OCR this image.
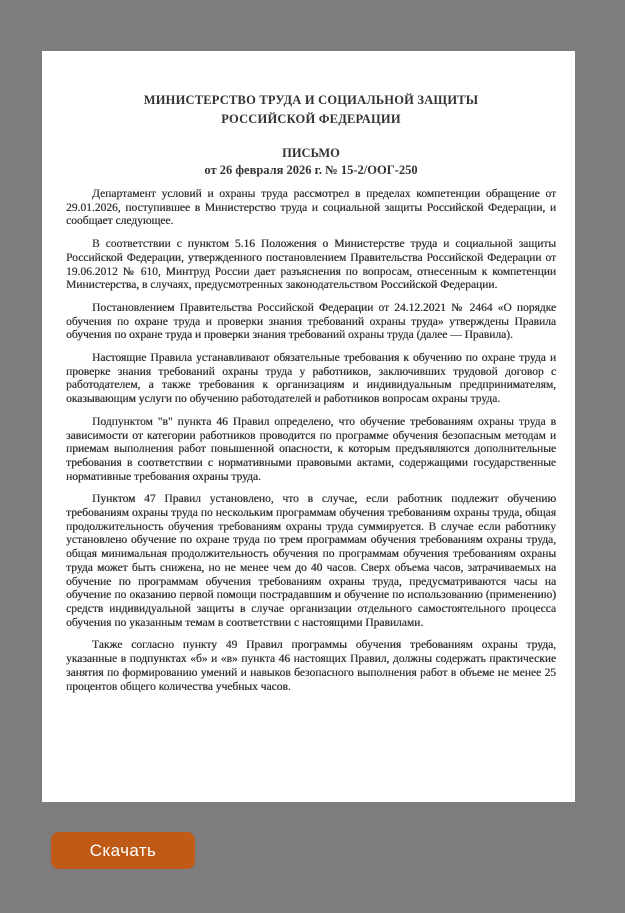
МИНИСТЕРСТВО ТРУДА И СОЦИАЛЬНОЙ ЗАЩИТЫ
РОССИЙСКОЙ ФЕДЕРАЦИИ
ПИСЬМО
от 26 февраля 2026 г. № 15-2/ООГ-250

Департамент условий и охраны труда рассмотрел в пределах компетенции обращение от 29.01.2026, поступившее в Министерство труда и социальной защиты Российской Федерации, и сообщает следующее.

В соответствии с пунктом 5.16 Положения о Министерстве труда и социальной защиты Российской Федерации, утвержденного постановлением Правительства Российской Федерации от 19.06.2012 № 610, Минтруд России дает разъяснения по вопросам, отнесенным к компетенции Министерства, в случаях, предусмотренных законодательством Российской Федерации.

Постановлением Правительства Российской Федерации от 24.12.2021 № 2464 «О порядке обучения по охране труда и проверки знания требований охраны труда» утверждены Правила обучения по охране труда и проверки знания требований охраны труда (далее — Правила).

Настоящие Правила устанавливают обязательные требования к обучению по охране труда и проверке знания требований охраны труда у работников, заключивших трудовой договор с работодателем, а также требования к организациям и индивидуальным предпринимателям, оказывающим услуги по обучению работодателей и работников вопросам охраны труда.

Подпунктом "в" пункта 46 Правил определено, что обучение требованиям охраны труда в зависимости от категории работников проводится по программе обучения безопасным методам и приемам выполнения работ повышенной опасности, к которым предъявляются дополнительные требования в соответствии с нормативными правовыми актами, содержащими государственные нормативные требования охраны труда.

Пунктом 47 Правил установлено, что в случае, если работник подлежит обучению требованиям охраны труда по нескольким программам обучения требованиям охраны труда, общая продолжительность обучения требованиям охраны труда суммируется. В случае если работнику установлено обучение по охране труда по трем программам обучения требованиям охраны труда, общая минимальная продолжительность обучения по программам обучения требованиям охраны труда может быть снижена, но не менее чем до 40 часов. Сверх объема часов, затрачиваемых на обучение по программам обучения требованиям охраны труда, предусматриваются часы на обучение по оказанию первой помощи пострадавшим и обучение по использованию (применению) средств индивидуальной защиты в случае организации отдельного самостоятельного процесса обучения по указанным темам в соответствии с настоящими Правилами.

Также согласно пункту 49 Правил программы обучения требованиям охраны труда, указанные в подпунктах «б» и «в» пункта 46 настоящих Правил, должны содержать практические занятия по формированию умений и навыков безопасного выполнения работ в объеме не менее 25 процентов общего количества учебных часов.

Скачать
